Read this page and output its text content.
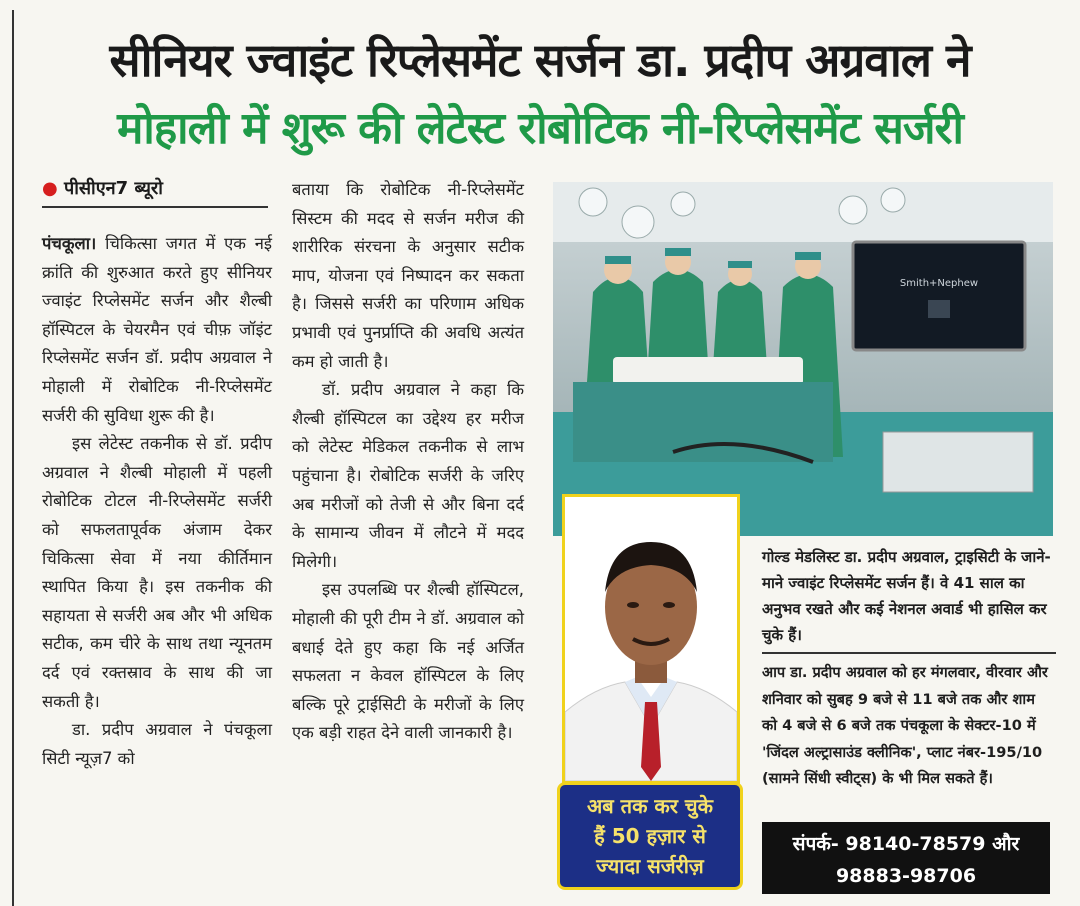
सीनियर ज्वाइंट रिप्लेसमेंट सर्जन डा. प्रदीप अग्रवाल ने
मोहाली में शुरू की लेटेस्ट रोबोटिक नी-रिप्लेसमेंट सर्जरी
● पीसीएन7 ब्यूरो

पंचकूला। चिकित्सा जगत में एक नई क्रांति की शुरुआत करते हुए सीनियर ज्वाइंट रिप्लेसमेंट सर्जन और शैल्बी हॉस्पिटल के चेयरमैन एवं चीफ़ जॉइंट रिप्लेसमेंट सर्जन डॉ. प्रदीप अग्रवाल ने मोहाली में रोबोटिक नी-रिप्लेसमेंट सर्जरी की सुविधा शुरू की है।

इस लेटेस्ट तकनीक से डॉ. प्रदीप अग्रवाल ने शैल्बी मोहाली में पहली रोबोटिक टोटल नी-रिप्लेसमेंट सर्जरी को सफलतापूर्वक अंजाम देकर चिकित्सा सेवा में नया कीर्तिमान स्थापित किया है। इस तकनीक की सहायता से सर्जरी अब और भी अधिक सटीक, कम चीरे के साथ तथा न्यूनतम दर्द एवं रक्तस्राव के साथ की जा सकती है।

डा. प्रदीप अग्रवाल ने पंचकूला सिटी न्यूज़7 को

बताया कि रोबोटिक नी-रिप्लेसमेंट सिस्टम की मदद से सर्जन मरीज की शारीरिक संरचना के अनुसार सटीक माप, योजना एवं निष्पादन कर सकता है। जिससे सर्जरी का परिणाम अधिक प्रभावी एवं पुनर्प्राप्ति की अवधि अत्यंत कम हो जाती है।

डॉ. प्रदीप अग्रवाल ने कहा कि शैल्बी हॉस्पिटल का उद्देश्य हर मरीज को लेटेस्ट मेडिकल तकनीक से लाभ पहुंचाना है। रोबोटिक सर्जरी के जरिए अब मरीजों को तेजी से और बिना दर्द के सामान्य जीवन में लौटने में मदद मिलेगी।

इस उपलब्धि पर शैल्बी हॉस्पिटल, मोहाली की पूरी टीम ने डॉ. अग्रवाल को बधाई देते हुए कहा कि नई अर्जित सफलता न केवल हॉस्पिटल के लिए बल्कि पूरे ट्राईसिटी के मरीजों के लिए एक बड़ी राहत देने वाली जानकारी है।

Smith+Nephew
अब तक कर चुके
हैं 50 हज़ार से
ज्यादा सर्जरीज़
गोल्ड मेडलिस्ट डा. प्रदीप अग्रवाल, ट्राइसिटी के जाने-माने ज्वाइंट रिप्लेसमेंट सर्जन हैं। वे 41 साल का अनुभव रखते और कई नेशनल अवार्ड भी हासिल कर चुके हैं।
आप डा. प्रदीप अग्रवाल को हर मंगलवार, वीरवार और शनिवार को सुबह 9 बजे से 11 बजे तक और शाम को 4 बजे से 6 बजे तक पंचकूला के सेक्टर-10 में 'जिंदल अल्ट्रासाउंड क्लीनिक', प्लाट नंबर-195/10 (सामने सिंधी स्वीट्स) के भी मिल सकते हैं।
संपर्क- 98140-78579 और
98883-98706
